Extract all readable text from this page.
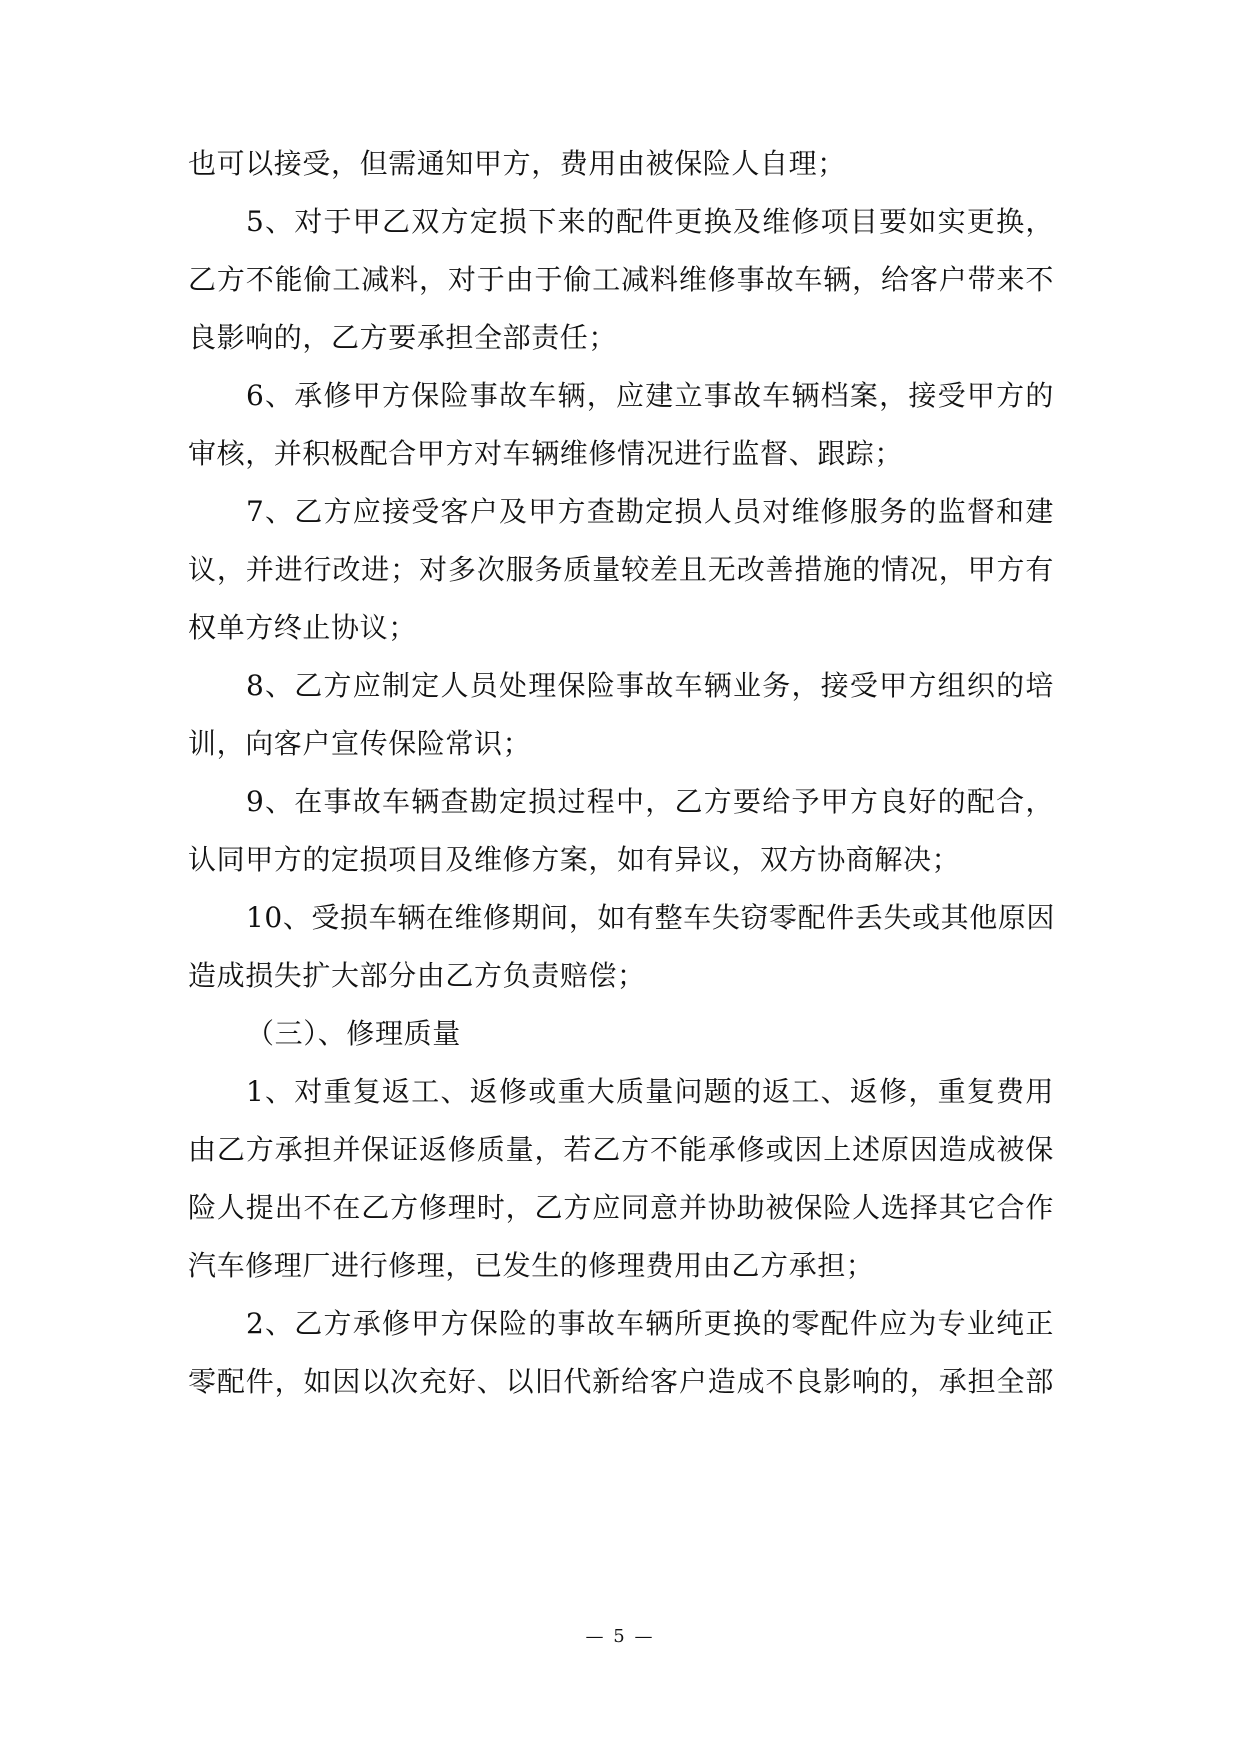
也可以接受，但需通知甲方，费用由被保险人自理；
5、对于甲乙双方定损下来的配件更换及维修项目要如实更换，
乙方不能偷工减料，对于由于偷工减料维修事故车辆，给客户带来不
良影响的，乙方要承担全部责任；
6、承修甲方保险事故车辆，应建立事故车辆档案，接受甲方的
审核，并积极配合甲方对车辆维修情况进行监督、跟踪；
7、乙方应接受客户及甲方查勘定损人员对维修服务的监督和建
议，并进行改进；对多次服务质量较差且无改善措施的情况，甲方有
权单方终止协议；
8、乙方应制定人员处理保险事故车辆业务，接受甲方组织的培
训，向客户宣传保险常识；
9、在事故车辆查勘定损过程中，乙方要给予甲方良好的配合，
认同甲方的定损项目及维修方案，如有异议，双方协商解决；
10、受损车辆在维修期间，如有整车失窃零配件丢失或其他原因
造成损失扩大部分由乙方负责赔偿；
（三）、修理质量
1、对重复返工、返修或重大质量问题的返工、返修，重复费用
由乙方承担并保证返修质量，若乙方不能承修或因上述原因造成被保
险人提出不在乙方修理时，乙方应同意并协助被保险人选择其它合作
汽车修理厂进行修理，已发生的修理费用由乙方承担；
2、乙方承修甲方保险的事故车辆所更换的零配件应为专业纯正
零配件，如因以次充好、以旧代新给客户造成不良影响的，承担全部
— 5 —
